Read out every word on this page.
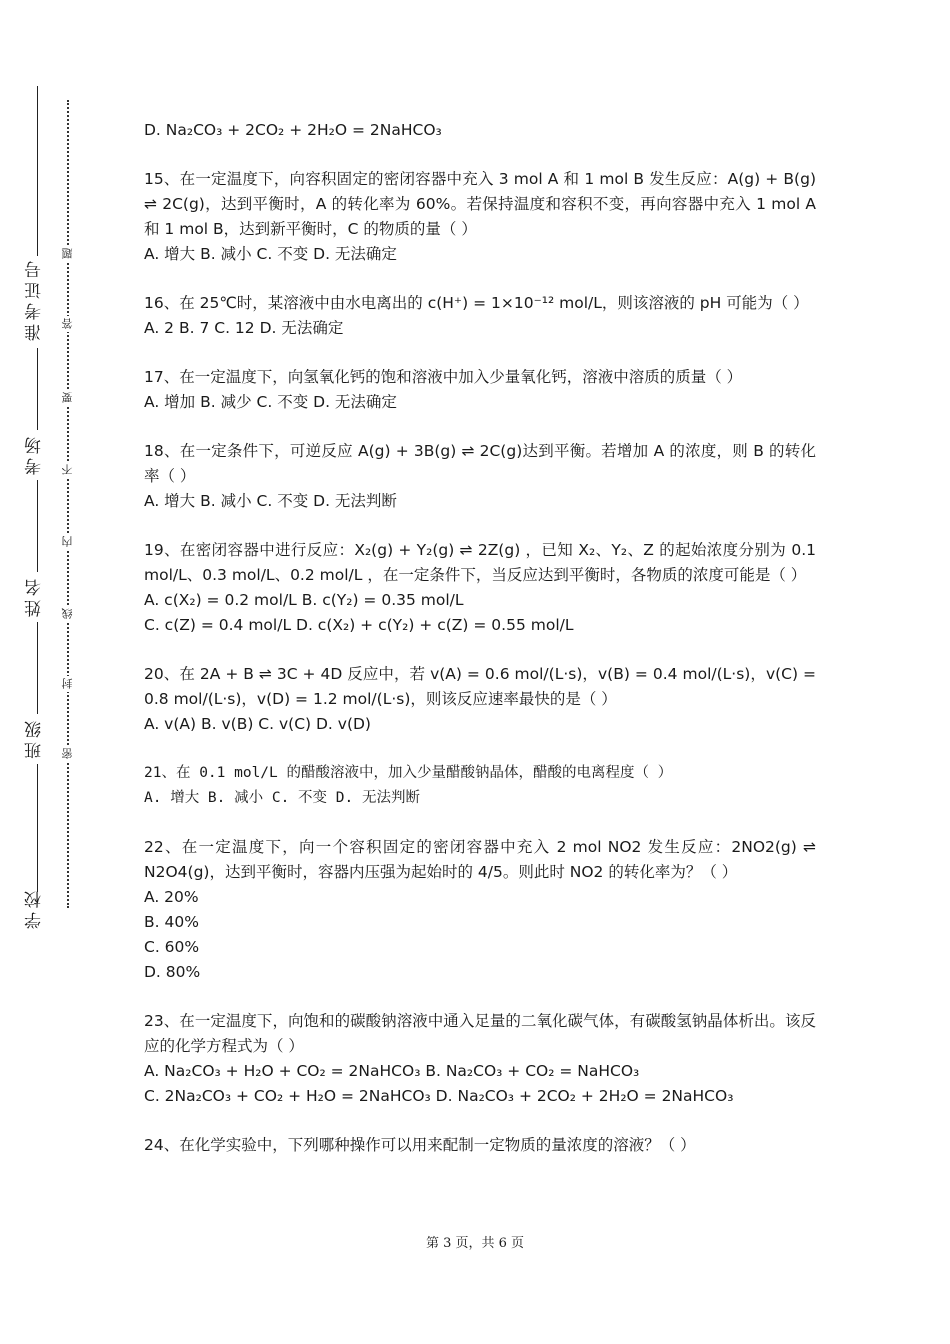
准考证号
考场
姓名
班级
学校
题
答
要
不
内
线
封
密
D. Na₂CO₃ + 2CO₂ + 2H₂O = 2NaHCO₃
15、在一定温度下，向容积固定的密闭容器中充入 3 mol A 和 1 mol B 发生反应：A(g) + B(g) ⇌ 2C(g)，达到平衡时，A 的转化率为 60%。若保持温度和容积不变，再向容器中充入 1 mol A 和 1 mol B，达到新平衡时，C 的物质的量（ ）
A. 增大 B. 减小 C. 不变 D. 无法确定
16、在 25℃时，某溶液中由水电离出的 c(H⁺) = 1×10⁻¹² mol/L，则该溶液的 pH 可能为（ ）
A. 2 B. 7 C. 12 D. 无法确定
17、在一定温度下，向氢氧化钙的饱和溶液中加入少量氧化钙，溶液中溶质的质量（ ）
A. 增加 B. 减少 C. 不变 D. 无法确定
18、在一定条件下，可逆反应 A(g) + 3B(g) ⇌ 2C(g)达到平衡。若增加 A 的浓度，则 B 的转化率（ ）
A. 增大 B. 减小 C. 不变 D. 无法判断
19、在密闭容器中进行反应：X₂(g) + Y₂(g) ⇌ 2Z(g) ，已知 X₂、Y₂、Z 的起始浓度分别为 0.1 mol/L、0.3 mol/L、0.2 mol/L ，在一定条件下，当反应达到平衡时，各物质的浓度可能是（ ）
A. c(X₂) = 0.2 mol/L B. c(Y₂) = 0.35 mol/L
C. c(Z) = 0.4 mol/L D. c(X₂) + c(Y₂) + c(Z) = 0.55 mol/L
20、在 2A + B ⇌ 3C + 4D 反应中，若 v(A) = 0.6 mol/(L·s)，v(B) = 0.4 mol/(L·s)，v(C) = 0.8 mol/(L·s)，v(D) = 1.2 mol/(L·s)，则该反应速率最快的是（ ）
A. v(A) B. v(B) C. v(C) D. v(D)
21、在 0.1 mol/L 的醋酸溶液中，加入少量醋酸钠晶体，醋酸的电离程度（ ）
A. 增大 B. 减小 C. 不变 D. 无法判断
22、在一定温度下，向一个容积固定的密闭容器中充入 2 mol NO2 发生反应：2NO2(g) ⇌ N2O4(g)，达到平衡时，容器内压强为起始时的 4/5。则此时 NO2 的转化率为？（ ）
A. 20%
B. 40%
C. 60%
D. 80%
23、在一定温度下，向饱和的碳酸钠溶液中通入足量的二氧化碳气体，有碳酸氢钠晶体析出。该反应的化学方程式为（ ）
A. Na₂CO₃ + H₂O + CO₂ = 2NaHCO₃ B. Na₂CO₃ + CO₂ = NaHCO₃
C. 2Na₂CO₃ + CO₂ + H₂O = 2NaHCO₃ D. Na₂CO₃ + 2CO₂ + 2H₂O = 2NaHCO₃
24、在化学实验中，下列哪种操作可以用来配制一定物质的量浓度的溶液？（ ）
第 3 页，共 6 页
